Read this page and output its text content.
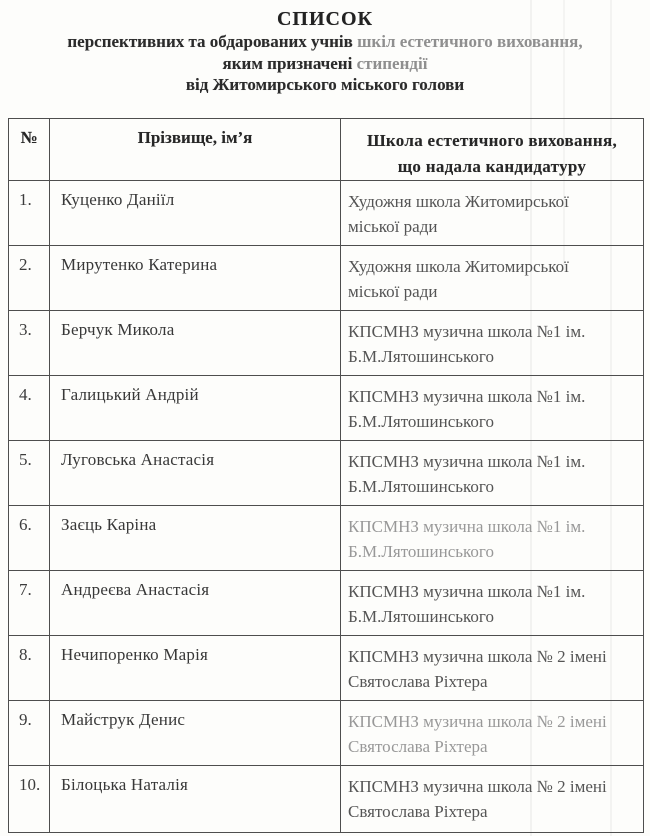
СПИСОК
перспективних та обдарованих учнів шкіл естетичного виховання,
яким призначені стипендії
від Житомирського міського голови
№	Прізвище, ім’я	Школа естетичного виховання,
що надала кандидатуру

1.	Куценко Даніїл	Художня школа Житомирської
міської ради

2.	Мирутенко Катерина	Художня школа Житомирської
міської ради

3.	Берчук Микола	КПСМНЗ музична школа №1 ім.
Б.М.Лятошинського

4.	Галицький Андрій	КПСМНЗ музична школа №1 ім.
Б.М.Лятошинського

5.	Луговська Анастасія	КПСМНЗ музична школа №1 ім.
Б.М.Лятошинського

6.	Заєць Каріна	КПСМНЗ музична школа №1 ім.
Б.М.Лятошинського

7.	Андреєва Анастасія	КПСМНЗ музична школа №1 ім.
Б.М.Лятошинського

8.	Нечипоренко Марія	КПСМНЗ музична школа № 2 імені
Святослава Ріхтера

9.	Майструк Денис	КПСМНЗ музична школа № 2 імені
Святослава Ріхтера

10.	Білоцька Наталія	КПСМНЗ музична школа № 2 імені
Святослава Ріхтера
